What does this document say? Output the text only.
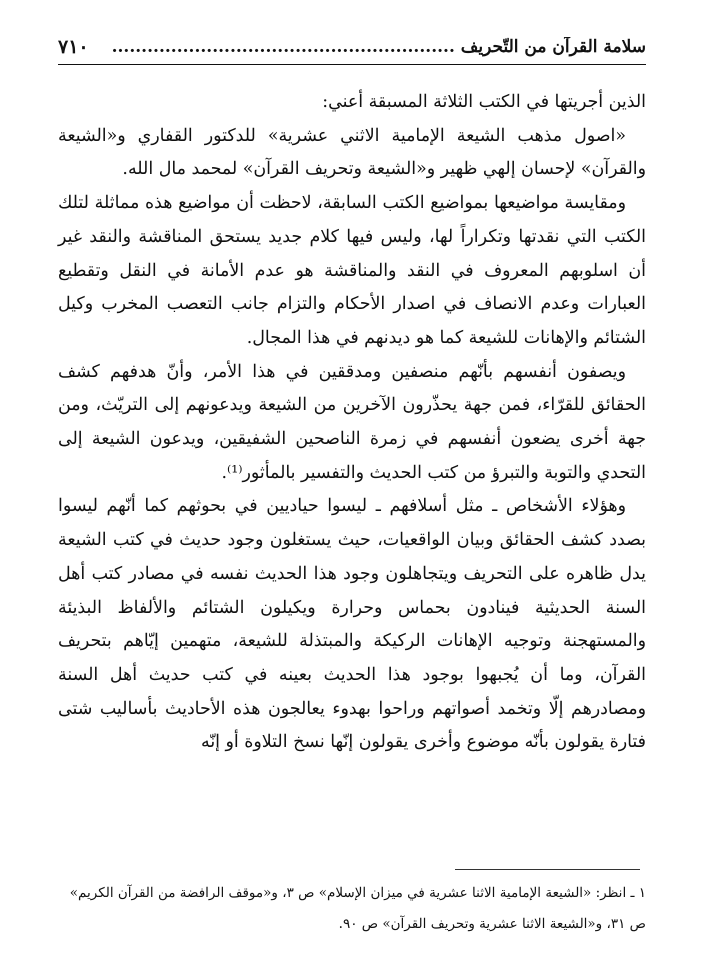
سلامة القرآن من التّحريف ..........................................................
٧١٠

الذين أجريتها في الكتب الثلاثة المسبقة أعني:

«اصول مذهب الشيعة الإمامية الاثني عشرية» للدكتور القفاري و«الشيعة والقرآن» لإحسان إلهي ظهير و«الشيعة وتحريف القرآن» لمحمد مال الله.

ومقايسة مواضيعها بمواضيع الكتب السابقة، لاحظت أن مواضيع هذه مماثلة لتلك الكتب التي نقدتها وتكراراً لها، وليس فيها كلام جديد يستحق المناقشة والنقد غير أن اسلوبهم المعروف في النقد والمناقشة هو عدم الأمانة في النقل وتقطيع العبارات وعدم الانصاف في اصدار الأحكام والتزام جانب التعصب المخرب وكيل الشتائم والإهانات للشيعة كما هو ديدنهم في هذا المجال.

ويصفون أنفسهم بأنّهم منصفين ومدققين في هذا الأمر، وأنّ هدفهم كشف الحقائق للقرّاء، فمن جهة يحذّرون الآخرين من الشيعة ويدعونهم إلى التريّث، ومن جهة أخرى يضعون أنفسهم في زمرة الناصحين الشفيقين، ويدعون الشيعة إلى التحدي والتوبة والتبرؤ من كتب الحديث والتفسير بالمأثور⁽¹⁾.

وهؤلاء الأشخاص ـ مثل أسلافهم ـ ليسوا حياديين في بحوثهم كما أنّهم ليسوا بصدد كشف الحقائق وبيان الواقعيات، حيث يستغلون وجود حديث في كتب الشيعة يدل ظاهره على التحريف ويتجاهلون وجود هذا الحديث نفسه في مصادر كتب أهل السنة الحديثية فينادون بحماس وحرارة ويكيلون الشتائم والألفاظ البذيئة والمستهجنة وتوجيه الإهانات الركيكة والمبتذلة للشيعة، متهمين إيّاهم بتحريف القرآن، وما أن يُجبهوا بوجود هذا الحديث بعينه في كتب حديث أهل السنة ومصادرهم إلّا وتخمد أصواتهم وراحوا بهدوء يعالجون هذه الأحاديث بأساليب شتى فتارة يقولون بأنّه موضوع وأخرى يقولون إنّها نسخ التلاوة أو إنّه

١ ـ انظر: «الشيعة الإمامية الاثنا عشرية في ميزان الإسلام» ص ٣، و«موقف الرافضة من القرآن الكريم»

ص ٣١، و«الشيعة الاثنا عشرية وتحريف القرآن» ص ٩٠.
